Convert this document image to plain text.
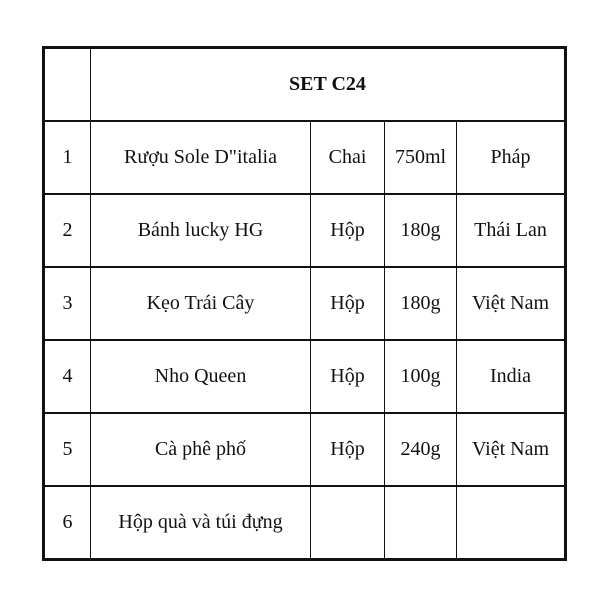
	SET C24			
1	Rượu Sole D"italia	Chai	750ml	Pháp
2	Bánh lucky HG	Hộp	180g	Thái Lan
3	Kẹo Trái Cây	Hộp	180g	Việt Nam
4	Nho Queen	Hộp	100g	India
5	Cà phê phố	Hộp	240g	Việt Nam
6	Hộp quà và túi đựng			
